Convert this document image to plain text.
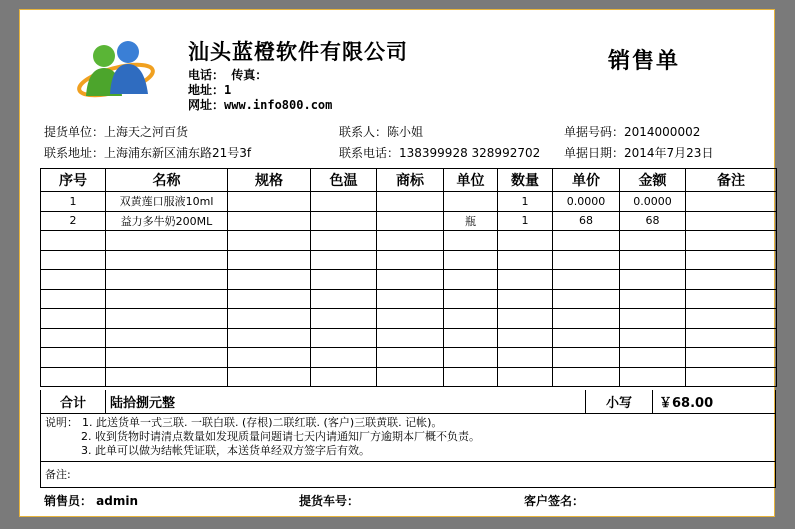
汕头蓝橙软件有限公司
电话： 传真：
地址：1
网址：www.info800.com
销售单
提货单位：上海天之河百货
联系地址：上海浦东新区浦东路21号3f
联系人：陈小姐
联系电话：138399928 328992702
单据号码：2014000002
单据日期：2014年7月23日
序号	名称	规格	色温	商标	单位	数量	单价	金额	备注
1	双黄莲口服液10ml					1	0.0000	0.0000	
2	益力多牛奶200ML				瓶	1	68	68	

合计	陆拾捌元整	小写	￥68.00
说明： 1. 此送货单一式三联. 一联白联. (存根)二联红联. (客户)三联黄联. 记帐)。
2. 收到货物时请清点数量如发现质量问题请七天内请通知厂方逾期本厂概不负责。
3. 此单可以做为结帐凭证联，本送货单经双方签字后有效。
备注:
销售员： admin	提货车号：	客户签名：
